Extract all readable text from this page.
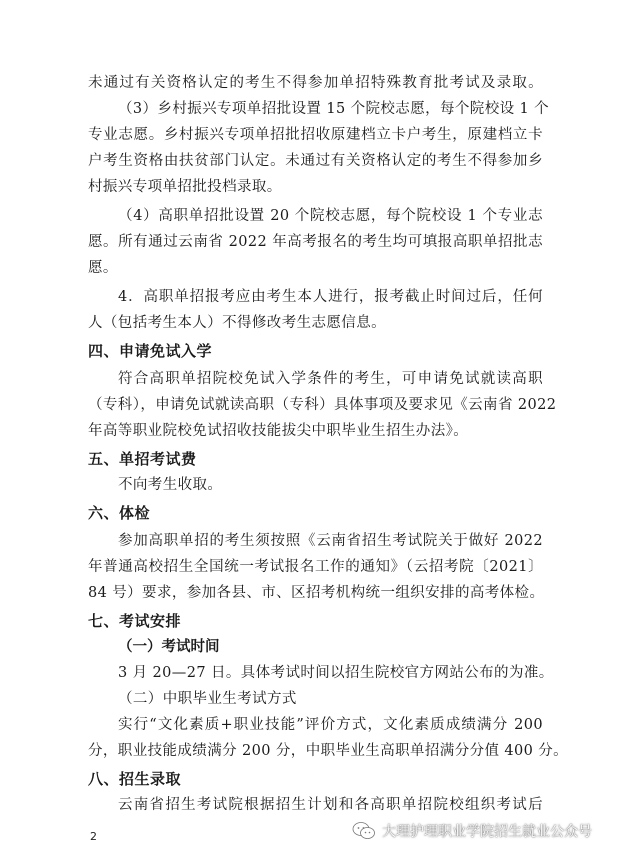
未通过有关资格认定的考生不得参加单招特殊教育批考试及录取。
（3）乡村振兴专项单招批设置 15 个院校志愿，每个院校设 1 个
专业志愿。乡村振兴专项单招批招收原建档立卡户考生，原建档立卡
户考生资格由扶贫部门认定。未通过有关资格认定的考生不得参加乡
村振兴专项单招批投档录取。
（4）高职单招批设置 20 个院校志愿，每个院校设 1 个专业志
愿。所有通过云南省 2022 年高考报名的考生均可填报高职单招批志
愿。
4．高职单招报考应由考生本人进行，报考截止时间过后，任何
人（包括考生本人）不得修改考生志愿信息。
四、申请免试入学
符合高职单招院校免试入学条件的考生，可申请免试就读高职
（专科），申请免试就读高职（专科）具体事项及要求见《云南省 2022
年高等职业院校免试招收技能拔尖中职毕业生招生办法》。
五、单招考试费
不向考生收取。
六、体检
参加高职单招的考生须按照《云南省招生考试院关于做好 2022
年普通高校招生全国统一考试报名工作的通知》（云招考院〔2021〕
84 号）要求，参加各县、市、区招考机构统一组织安排的高考体检。
七、考试安排
（一）考试时间
3 月 20—27 日。具体考试时间以招生院校官方网站公布的为准。
（二）中职毕业生考试方式
实行“文化素质+职业技能”评价方式，文化素质成绩满分 200
分，职业技能成绩满分 200 分，中职毕业生高职单招满分分值 400 分。
八、招生录取
云南省招生考试院根据招生计划和各高职单招院校组织考试后
2	大理护理职业学院招生就业公众号
